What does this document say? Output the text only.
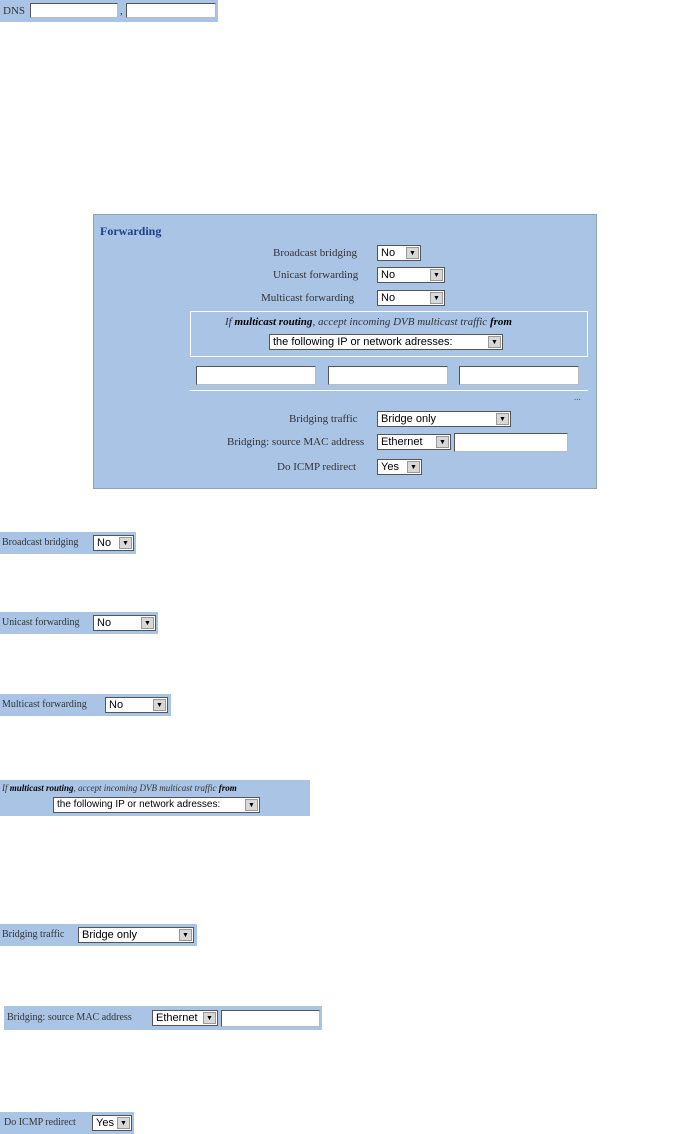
DNS	,
Forwarding
Broadcast bridging No	▼
Unicast forwarding No	▼
Multicast forwarding No	▼
If multicast routing, accept incoming DVB multicast traffic from
the following IP or network adresses:	▼
...
Bridging traffic Bridge only	▼
Bridging: source MAC address Ethernet	▼
Do ICMP redirect Yes	▼
Broadcast bridging No	▼
Unicast forwarding No	▼
Multicast forwarding No	▼
If multicast routing, accept incoming DVB multicast traffic from
the following IP or network adresses:	▼
Bridging traffic Bridge only	▼
Bridging: source MAC address Ethernet	▼
Do ICMP redirect Yes ▼
